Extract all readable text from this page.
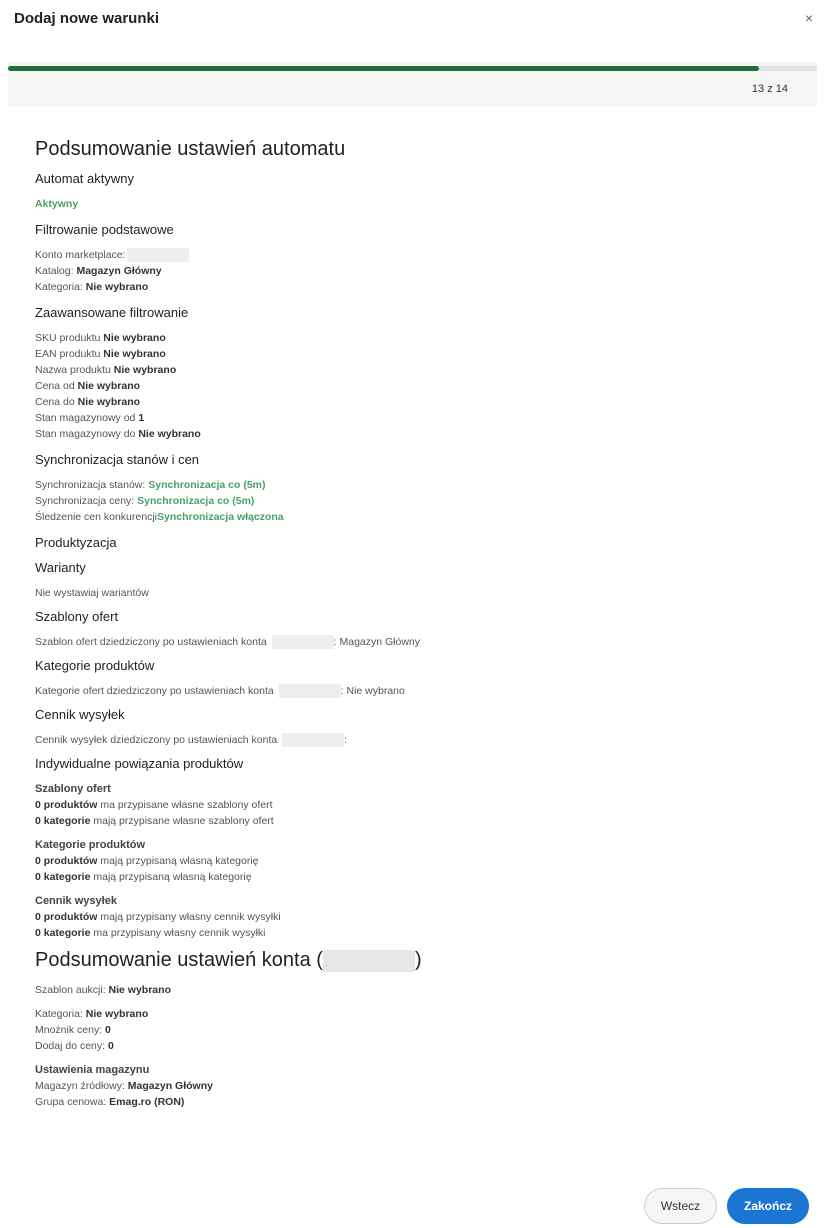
Dodaj nowe warunki	×
13 z 14
Podsumowanie ustawień automatu
Automat aktywny
Aktywny
Filtrowanie podstawowe
Konto marketplace:
Katalog: Magazyn Główny
Kategoria: Nie wybrano
Zaawansowane filtrowanie
SKU produktu Nie wybrano
EAN produktu Nie wybrano
Nazwa produktu Nie wybrano
Cena od Nie wybrano
Cena do Nie wybrano
Stan magazynowy od 1
Stan magazynowy do Nie wybrano
Synchronizacja stanów i cen
Synchronizacja stanów: Synchronizacja co (5m)
Synchronizacja ceny: Synchronizacja co (5m)
Śledzenie cen konkurencjiSynchronizacja włączona
Produktyzacja
Warianty
Nie wystawiaj wariantów
Szablony ofert
Szablon ofert dziedziczony po ustawieniach konta	: Magazyn Główny
Kategorie produktów
Kategorie ofert dziedziczony po ustawieniach konta	: Nie wybrano
Cennik wysyłek
Cennik wysyłek dziedziczony po ustawieniach konta	:
Indywidualne powiązania produktów
Szablony ofert
0 produktów ma przypisane własne szablony ofert
0 kategorie mają przypisane własne szablony ofert
Kategorie produktów
0 produktów mają przypisaną własną kategorię
0 kategorie mają przypisaną własną kategorię
Cennik wysyłek
0 produktów mają przypisany własny cennik wysyłki
0 kategorie ma przypisany własny cennik wysyłki
Podsumowanie ustawień konta (	)
Szablon aukcji: Nie wybrano
Kategoria: Nie wybrano
Mnożnik ceny: 0
Dodaj do ceny: 0
Ustawienia magazynu
Magazyn źródłowy: Magazyn Główny
Grupa cenowa: Emag.ro (RON)
Wstecz	Zakończ
